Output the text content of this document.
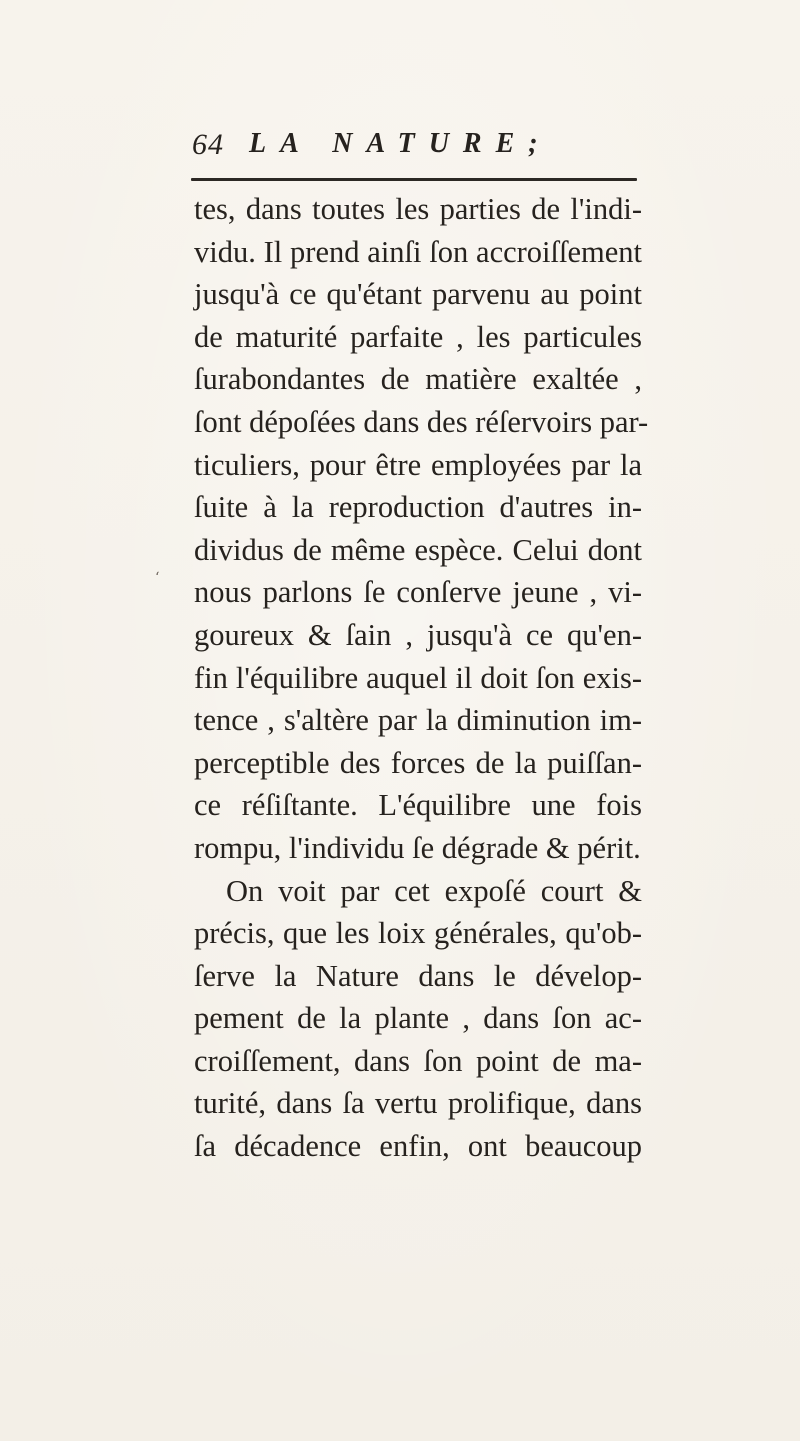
64 LA NATURE;
‘
tes, dans toutes les parties de l'indi-
vidu. Il prend ainſi ſon accroiſſement
jusqu'à ce qu'étant parvenu au point
de maturité parfaite , les particules
ſurabondantes de matière exaltée ,
ſont dépoſées dans des réſervoirs par-
ticuliers, pour être employées par la
ſuite à la reproduction d'autres in-
dividus de même espèce. Celui dont
nous parlons ſe conſerve jeune , vi-
goureux & ſain , jusqu'à ce qu'en-
fin l'équilibre auquel il doit ſon exis-
tence , s'altère par la diminution im-
perceptible des forces de la puiſſan-
ce réſiſtante. L'équilibre une fois
rompu, l'individu ſe dégrade & périt.
On voit par cet expoſé court &
précis, que les loix générales, qu'ob-
ſerve la Nature dans le dévelop-
pement de la plante , dans ſon ac-
croiſſement, dans ſon point de ma-
turité, dans ſa vertu prolifique, dans
ſa décadence enfin, ont beaucoup
